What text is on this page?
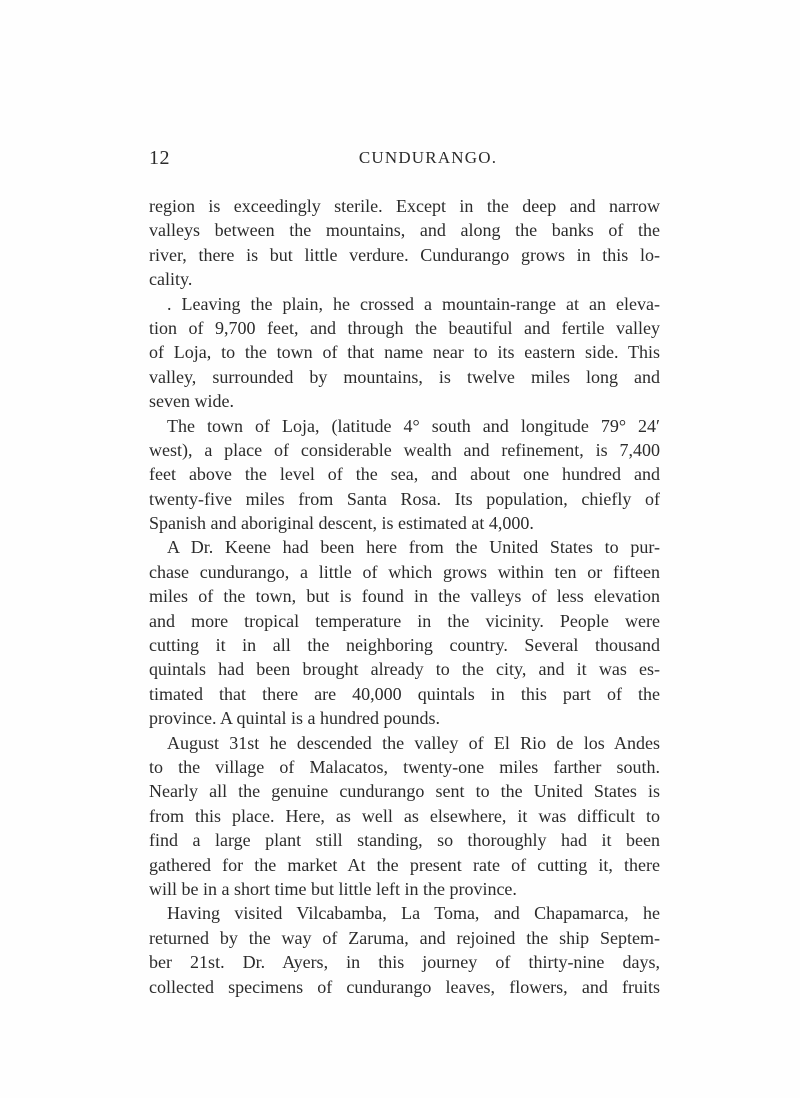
12	CUNDURANGO.
region is exceedingly sterile. Except in the deep and narrow
valleys between the mountains, and along the banks of the
river, there is but little verdure. Cundurango grows in this lo-
cality.
. Leaving the plain, he crossed a mountain-range at an eleva-
tion of 9,700 feet, and through the beautiful and fertile valley
of Loja, to the town of that name near to its eastern side. This
valley, surrounded by mountains, is twelve miles long and
seven wide.
The town of Loja, (latitude 4° south and longitude 79° 24′
west), a place of considerable wealth and refinement, is 7,400
feet above the level of the sea, and about one hundred and
twenty-five miles from Santa Rosa. Its population, chiefly of
Spanish and aboriginal descent, is estimated at 4,000.
A Dr. Keene had been here from the United States to pur-
chase cundurango, a little of which grows within ten or fifteen
miles of the town, but is found in the valleys of less elevation
and more tropical temperature in the vicinity. People were
cutting it in all the neighboring country. Several thousand
quintals had been brought already to the city, and it was es-
timated that there are 40,000 quintals in this part of the
province. A quintal is a hundred pounds.
August 31st he descended the valley of El Rio de los Andes
to the village of Malacatos, twenty-one miles farther south.
Nearly all the genuine cundurango sent to the United States is
from this place. Here, as well as elsewhere, it was difficult to
find a large plant still standing, so thoroughly had it been
gathered for the market At the present rate of cutting it, there
will be in a short time but little left in the province.
Having visited Vilcabamba, La Toma, and Chapamarca, he
returned by the way of Zaruma, and rejoined the ship Septem-
ber 21st. Dr. Ayers, in this journey of thirty-nine days,
collected specimens of cundurango leaves, flowers, and fruits
